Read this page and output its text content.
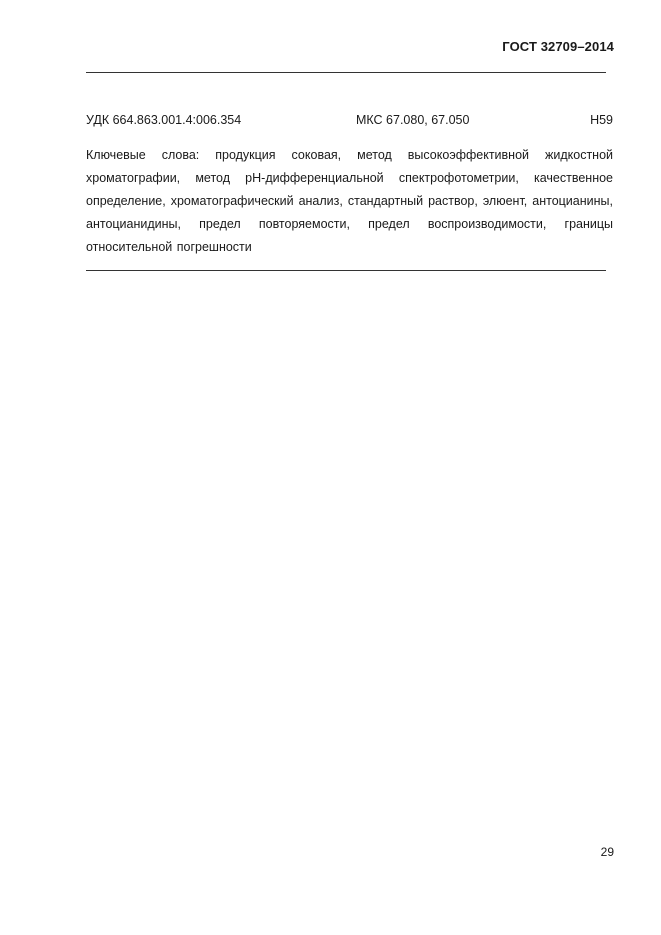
ГОСТ 32709–2014
УДК 664.863.001.4:006.354	МКС 67.080, 67.050	Н59
Ключевые слова: продукция соковая, метод высокоэффективной жидкостной хроматографии, метод pH-дифференциальной спектрофотометрии, качественное определение, хроматографический анализ, стандартный раствор, элюент, антоцианины, антоцианидины, предел повторяемости, предел воспроизводимости, границы относительной погрешности
29
